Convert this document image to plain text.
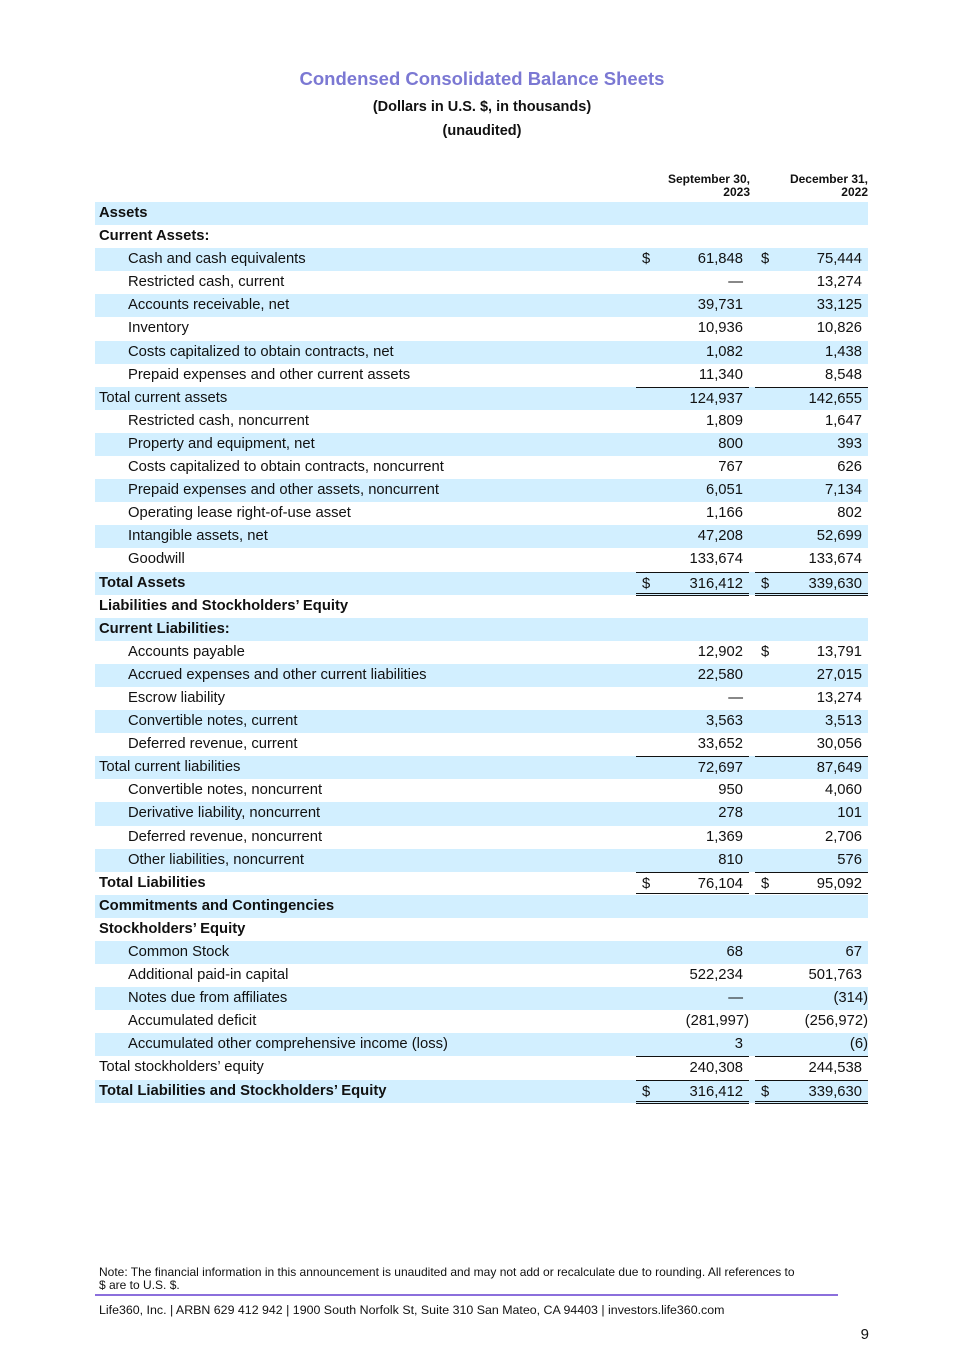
Condensed Consolidated Balance Sheets
(Dollars in U.S. $, in thousands)
(unaudited)
September 30,
2023
December 31,
2022
Assets
Current Assets:
Cash and cash equivalents	$	61,848 $	75,444
Restricted cash, current	—	13,274
Accounts receivable, net	39,731	33,125
Inventory	10,936	10,826
Costs capitalized to obtain contracts, net	1,082	1,438
Prepaid expenses and other current assets	11,340	8,548
Total current assets	124,937	142,655
Restricted cash, noncurrent	1,809	1,647
Property and equipment, net	800	393
Costs capitalized to obtain contracts, noncurrent	767	626
Prepaid expenses and other assets, noncurrent	6,051	7,134
Operating lease right-of-use asset	1,166	802
Intangible assets, net	47,208	52,699
Goodwill	133,674	133,674
Total Assets	$	316,412 $	339,630
Liabilities and Stockholders’ Equity
Current Liabilities:
Accounts payable	12,902 $	13,791
Accrued expenses and other current liabilities	22,580	27,015
Escrow liability	—	13,274
Convertible notes, current	3,563	3,513
Deferred revenue, current	33,652	30,056
Total current liabilities	72,697	87,649
Convertible notes, noncurrent	950	4,060
Derivative liability, noncurrent	278	101
Deferred revenue, noncurrent	1,369	2,706
Other liabilities, noncurrent	810	576
Total Liabilities	$	76,104 $	95,092
Commitments and Contingencies
Stockholders’ Equity
Common Stock	68	67
Additional paid-in capital	522,234	501,763
Notes due from affiliates	—	(314)
Accumulated deficit	(281,997)	(256,972)
Accumulated other comprehensive income (loss)	3	(6)
Total stockholders’ equity	240,308	244,538
Total Liabilities and Stockholders’ Equity	$	316,412 $	339,630
Note: The financial information in this announcement is unaudited and may not add or recalculate due to rounding. All references to $ are to U.S. $.
Life360, Inc. | ARBN 629 412 942 | 1900 South Norfolk St, Suite 310 San Mateo, CA 94403 | investors.life360.com
9
